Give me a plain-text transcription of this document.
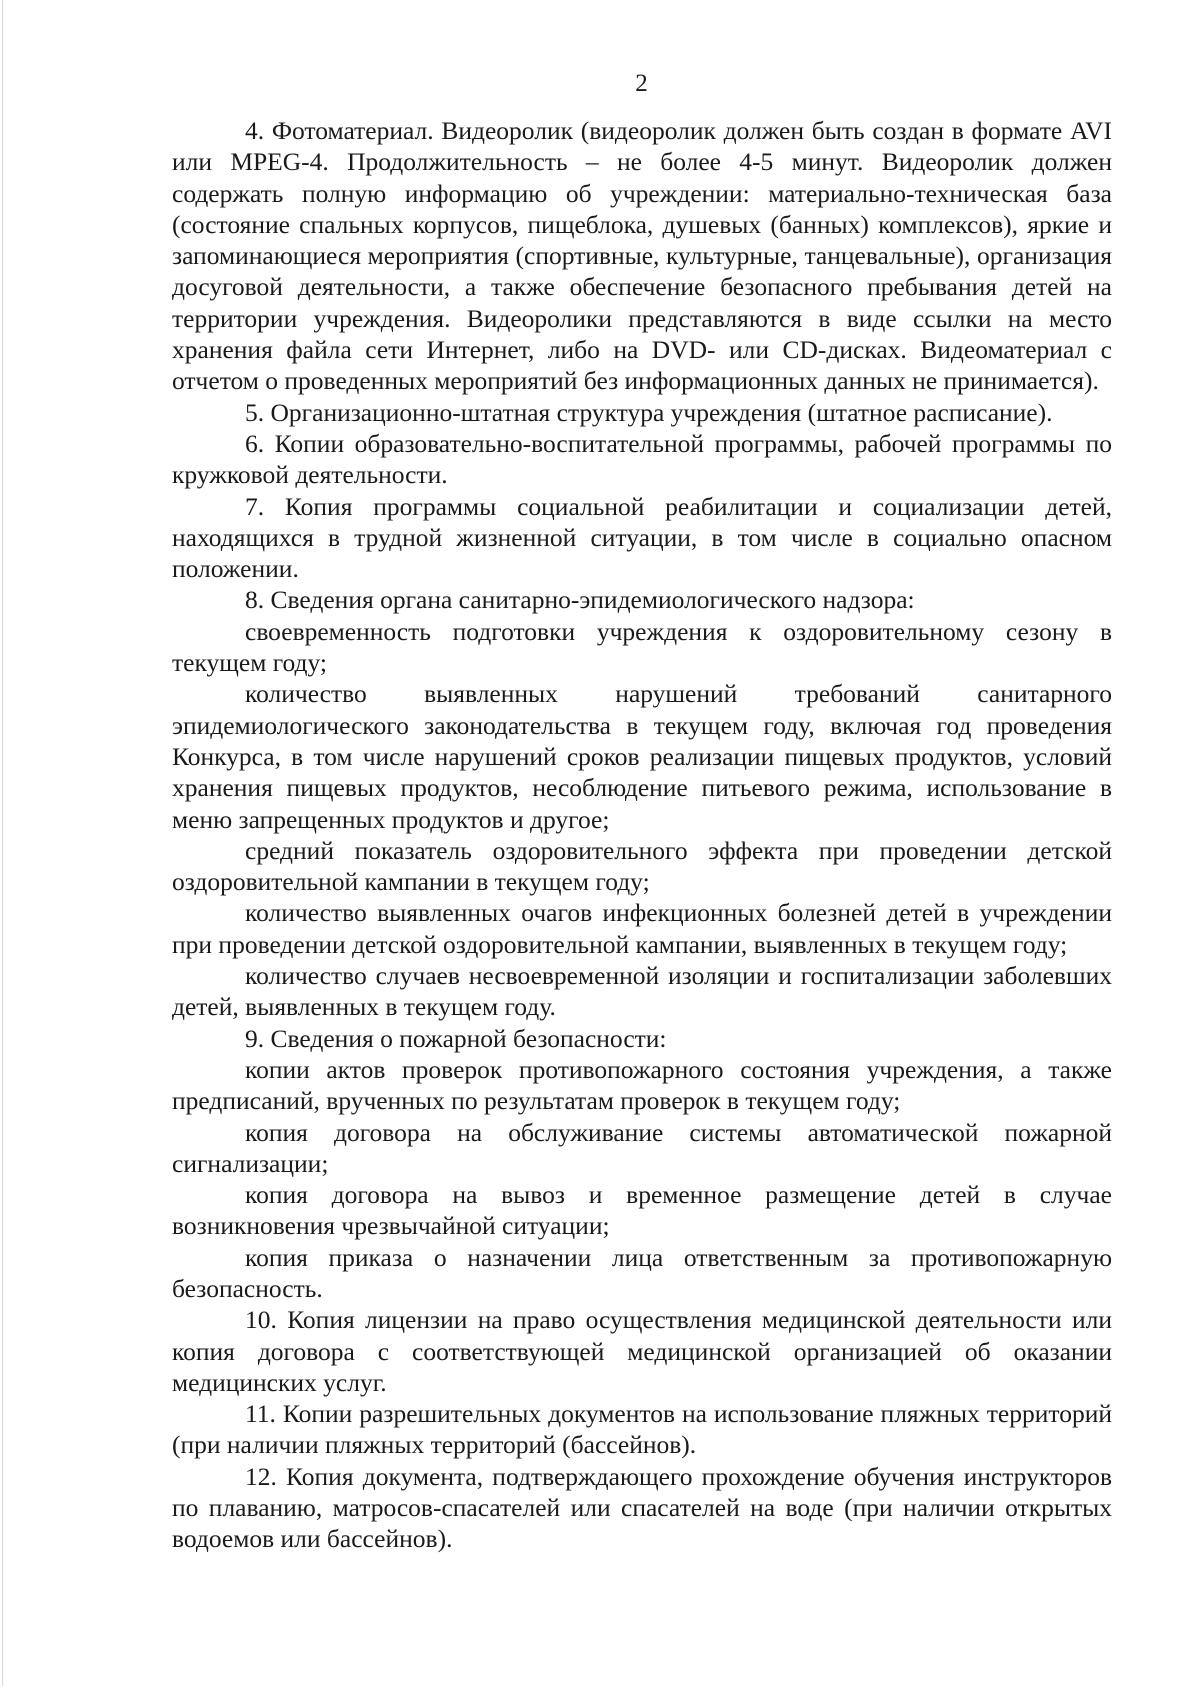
2

4. Фотоматериал. Видеоролик (видеоролик должен быть создан в формате AVI или MPEG-4. Продолжительность – не более 4-5 минут. Видеоролик должен содержать полную информацию об учреждении: материально-техническая база (состояние спальных корпусов, пищеблока, душевых (банных) комплексов), яркие и запоминающиеся мероприятия (спортивные, культурные, танцевальные), организация досуговой деятельности, а также обеспечение безопасного пребывания детей на территории учреждения. Видеоролики представляются в виде ссылки на место хранения файла сети Интернет, либо на DVD- или CD-дисках. Видеоматериал с отчетом о проведенных мероприятий без информационных данных не принимается).

5. Организационно-штатная структура учреждения (штатное расписание).

6. Копии образовательно-воспитательной программы, рабочей программы по кружковой деятельности.

7. Копия программы социальной реабилитации и социализации детей, находящихся в трудной жизненной ситуации, в том числе в социально опасном положении.

8. Сведения органа санитарно-эпидемиологического надзора:

своевременность подготовки учреждения к оздоровительному сезону в текущем году;

количество выявленных нарушений требований санитарного эпидемиологического законодательства в текущем году, включая год проведения Конкурса, в том числе нарушений сроков реализации пищевых продуктов, условий хранения пищевых продуктов, несоблюдение питьевого режима, использование в меню запрещенных продуктов и другое;

средний показатель оздоровительного эффекта при проведении детской оздоровительной кампании в текущем году;

количество выявленных очагов инфекционных болезней детей в учреждении при проведении детской оздоровительной кампании, выявленных в текущем году;

количество случаев несвоевременной изоляции и госпитализации заболевших детей, выявленных в текущем году.

9. Сведения о пожарной безопасности:

копии актов проверок противопожарного состояния учреждения, а также предписаний, врученных по результатам проверок в текущем году;

копия договора на обслуживание системы автоматической пожарной сигнализации;

копия договора на вывоз и временное размещение детей в случае возникновения чрезвычайной ситуации;

копия приказа о назначении лица ответственным за противопожарную безопасность.

10. Копия лицензии на право осуществления медицинской деятельности или копия договора с соответствующей медицинской организацией об оказании медицинских услуг.

11. Копии разрешительных документов на использование пляжных территорий (при наличии пляжных территорий (бассейнов).

12. Копия документа, подтверждающего прохождение обучения инструкторов по плаванию, матросов-спасателей или спасателей на воде (при наличии открытых водоемов или бассейнов).
